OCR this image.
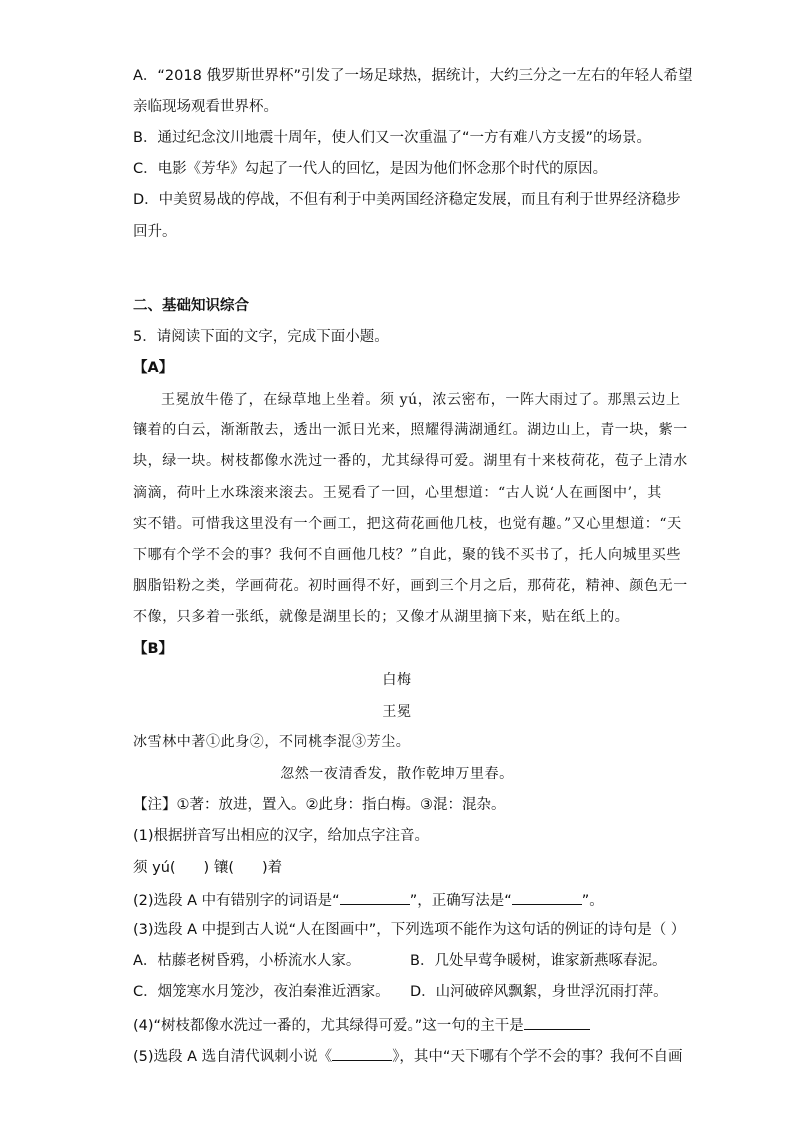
A．“2018 俄罗斯世界杯”引发了一场足球热，据统计，大约三分之一左右的年轻人希望
亲临现场观看世界杯。
B．通过纪念汶川地震十周年，使人们又一次重温了“一方有难八方支援”的场景。
C．电影《芳华》勾起了一代人的回忆，是因为他们怀念那个时代的原因。
D．中美贸易战的停战，不但有利于中美两国经济稳定发展，而且有利于世界经济稳步
回升。
二、基础知识综合
5．请阅读下面的文字，完成下面小题。
【A】
王冕放牛倦了，在绿草地上坐着。须 yú，浓云密布，一阵大雨过了。那黑云边上
镶着的白云，渐渐散去，透出一派日光来，照耀得满湖通红。湖边山上，青一块，紫一
块，绿一块。树枝都像水洗过一番的，尤其绿得可爱。湖里有十来枝荷花，苞子上清水
滴滴，荷叶上水珠滚来滚去。王冕看了一回，心里想道：“古人说‘人在画图中’，其
实不错。可惜我这里没有一个画工，把这荷花画他几枝，也觉有趣。”又心里想道：“天
下哪有个学不会的事？我何不自画他几枝？”自此，聚的钱不买书了，托人向城里买些
胭脂铅粉之类，学画荷花。初时画得不好，画到三个月之后，那荷花，精神、颜色无一
不像，只多着一张纸，就像是湖里长的；又像才从湖里摘下来，贴在纸上的。
【B】
白梅
王冕
冰雪林中著①此身②，不同桃李混③芳尘。
忽然一夜清香发，散作乾坤万里春。
【注】①著：放进，置入。②此身：指白梅。③混：混杂。
(1)根据拼音写出相应的汉字，给加点字注音。
须 yú( ) 镶( )着
(2)选段 A 中有错别字的词语是“	”，正确写法是“	”。
(3)选段 A 中提到古人说“人在图画中”，下列选项不能作为这句话的例证的诗句是（ ）
A．枯藤老树昏鸦，小桥流水人家。	B．几处早莺争暖树，谁家新燕啄春泥。
C．烟笼寒水月笼沙，夜泊秦淮近酒家。 D．山河破碎风飘絮，身世浮沉雨打萍。
(4)“树枝都像水洗过一番的，尤其绿得可爱。”这一句的主干是
(5)选段 A 选自清代讽刺小说《	》，其中“天下哪有个学不会的事？我何不自画
